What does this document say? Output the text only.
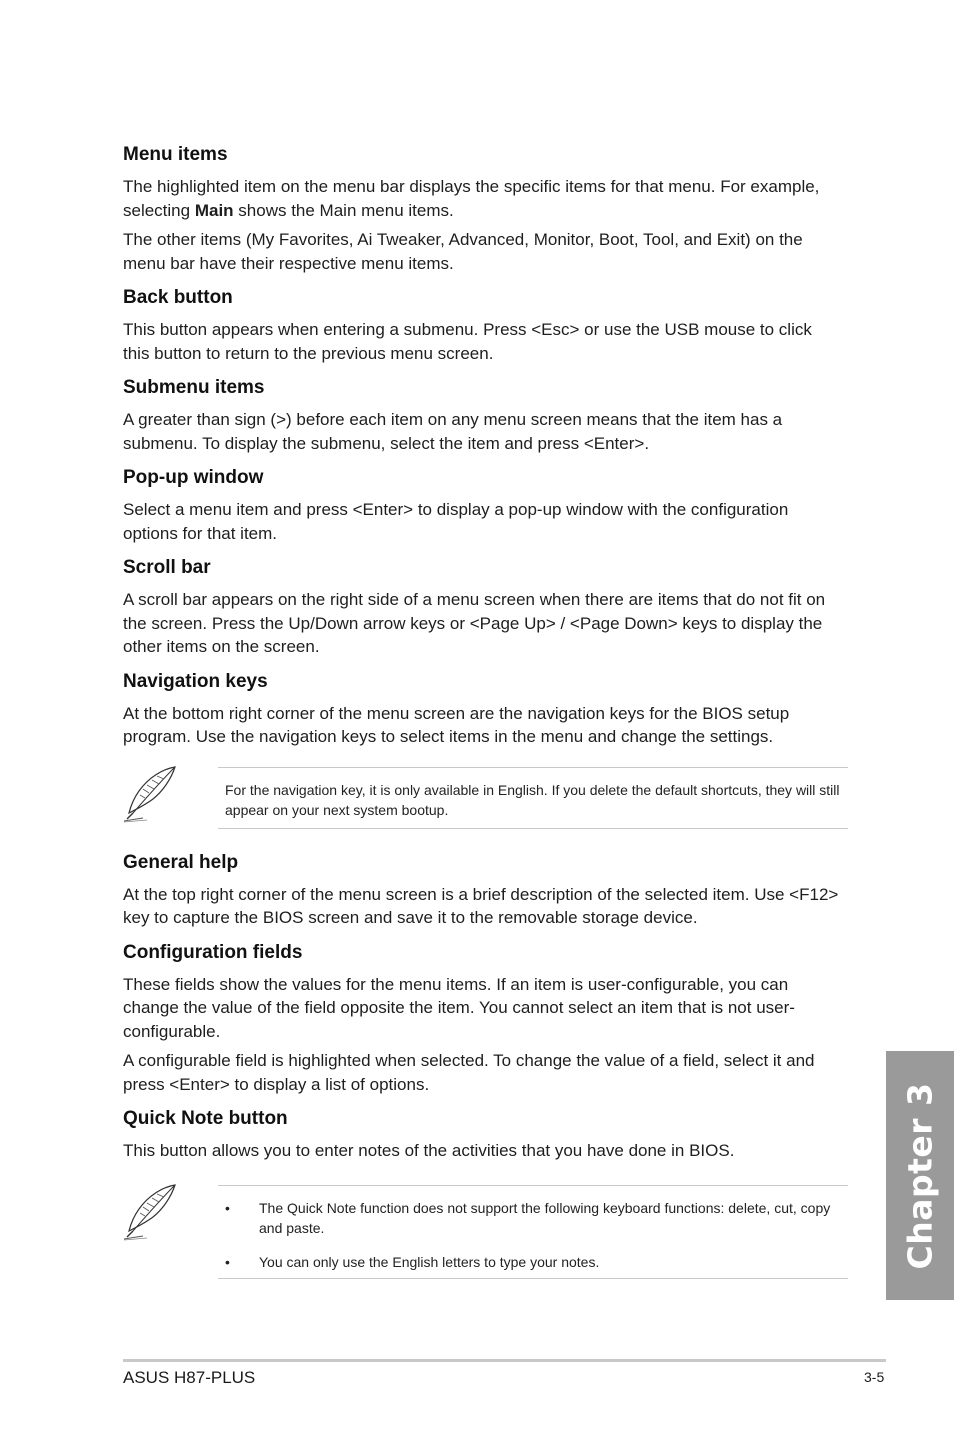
Menu items

The highlighted item on the menu bar displays the specific items for that menu. For example, selecting Main shows the Main menu items.

The other items (My Favorites, Ai Tweaker, Advanced, Monitor, Boot, Tool, and Exit) on the menu bar have their respective menu items.

Back button

This button appears when entering a submenu. Press <Esc> or use the USB mouse to click this button to return to the previous menu screen.

Submenu items

A greater than sign (>) before each item on any menu screen means that the item has a submenu. To display the submenu, select the item and press <Enter>.

Pop-up window

Select a menu item and press <Enter> to display a pop-up window with the configuration options for that item.

Scroll bar

A scroll bar appears on the right side of a menu screen when there are items that do not fit on the screen. Press the Up/Down arrow keys or <Page Up> / <Page Down> keys to display the other items on the screen.

Navigation keys

At the bottom right corner of the menu screen are the navigation keys for the BIOS setup program. Use the navigation keys to select items in the menu and change the settings.

For the navigation key, it is only available in English. If you delete the default shortcuts, they will still appear on your next system bootup.
General help

At the top right corner of the menu screen is a brief description of the selected item. Use <F12> key to capture the BIOS screen and save it to the removable storage device.

Configuration fields

These fields show the values for the menu items. If an item is user-configurable, you can change the value of the field opposite the item. You cannot select an item that is not user-configurable.

A configurable field is highlighted when selected. To change the value of a field, select it and press <Enter> to display a list of options.

Quick Note button

This button allows you to enter notes of the activities that you have done in BIOS.

•	The Quick Note function does not support the following keyboard functions: delete, cut, copy and paste.
•	You can only use the English letters to type your notes.	Chapter 3
ASUS H87-PLUS	3-5
